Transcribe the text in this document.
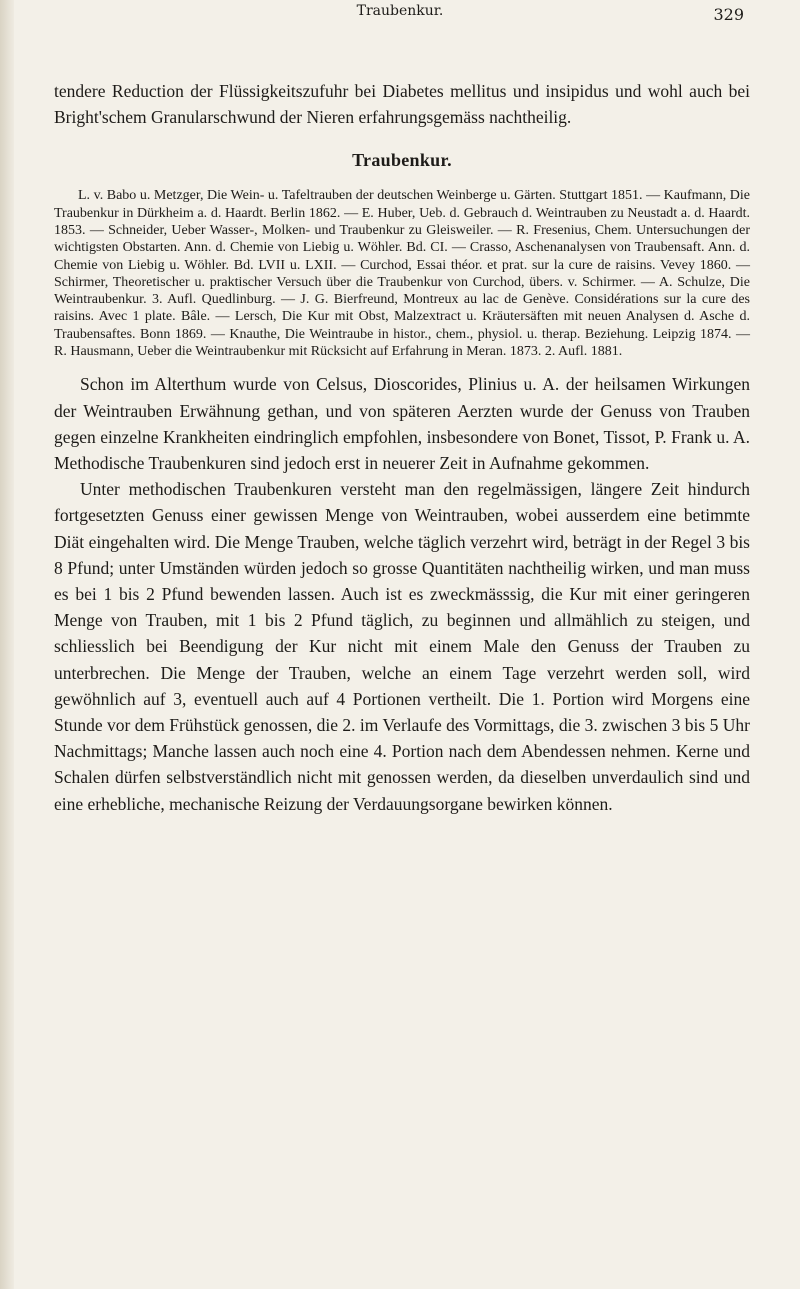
Traubenkur.	329

tendere Reduction der Flüssigkeitszufuhr bei Diabetes mellitus und insipidus und wohl auch bei Bright'schem Granularschwund der Nieren erfahrungsgemäss nachtheilig.

Traubenkur.

L. v. Babo u. Metzger, Die Wein- u. Tafeltrauben der deutschen Weinberge u. Gärten. Stuttgart 1851. — Kaufmann, Die Traubenkur in Dürkheim a. d. Haardt. Berlin 1862. — E. Huber, Ueb. d. Gebrauch d. Weintrauben zu Neustadt a. d. Haardt. 1853. — Schneider, Ueber Wasser-, Molken- und Traubenkur zu Gleisweiler. — R. Fresenius, Chem. Untersuchungen der wichtigsten Obstarten. Ann. d. Chemie von Liebig u. Wöhler. Bd. CI. — Crasso, Aschenanalysen von Traubensaft. Ann. d. Chemie von Liebig u. Wöhler. Bd. LVII u. LXII. — Curchod, Essai théor. et prat. sur la cure de raisins. Vevey 1860. — Schirmer, Theoretischer u. praktischer Versuch über die Traubenkur von Curchod, übers. v. Schirmer. — A. Schulze, Die Weintraubenkur. 3. Aufl. Quedlinburg. — J. G. Bierfreund, Montreux au lac de Genève. Considérations sur la cure des raisins. Avec 1 plate. Bâle. — Lersch, Die Kur mit Obst, Malzextract u. Kräutersäften mit neuen Analysen d. Asche d. Traubensaftes. Bonn 1869. — Knauthe, Die Weintraube in histor., chem., physiol. u. therap. Beziehung. Leipzig 1874. — R. Hausmann, Ueber die Weintraubenkur mit Rücksicht auf Erfahrung in Meran. 1873. 2. Aufl. 1881.

Schon im Alterthum wurde von Celsus, Dioscorides, Plinius u. A. der heilsamen Wirkungen der Weintrauben Erwähnung gethan, und von späteren Aerzten wurde der Genuss von Trauben gegen einzelne Krankheiten eindringlich empfohlen, insbesondere von Bonet, Tissot, P. Frank u. A. Methodische Traubenkuren sind jedoch erst in neuerer Zeit in Aufnahme gekommen.

Unter methodischen Traubenkuren versteht man den regelmässigen, längere Zeit hindurch fortgesetzten Genuss einer gewissen Menge von Weintrauben, wobei ausserdem eine betimmte Diät eingehalten wird. Die Menge Trauben, welche täglich verzehrt wird, beträgt in der Regel 3 bis 8 Pfund; unter Umständen würden jedoch so grosse Quantitäten nachtheilig wirken, und man muss es bei 1 bis 2 Pfund bewenden lassen. Auch ist es zweckmässsig, die Kur mit einer geringeren Menge von Trauben, mit 1 bis 2 Pfund täglich, zu beginnen und allmählich zu steigen, und schliesslich bei Beendigung der Kur nicht mit einem Male den Genuss der Trauben zu unterbrechen. Die Menge der Trauben, welche an einem Tage verzehrt werden soll, wird gewöhnlich auf 3, eventuell auch auf 4 Portionen vertheilt. Die 1. Portion wird Morgens eine Stunde vor dem Frühstück genossen, die 2. im Verlaufe des Vormittags, die 3. zwischen 3 bis 5 Uhr Nachmittags; Manche lassen auch noch eine 4. Portion nach dem Abendessen nehmen. Kerne und Schalen dürfen selbstverständlich nicht mit genossen werden, da dieselben unverdaulich sind und eine erhebliche, mechanische Reizung der Verdauungsorgane bewirken können.
